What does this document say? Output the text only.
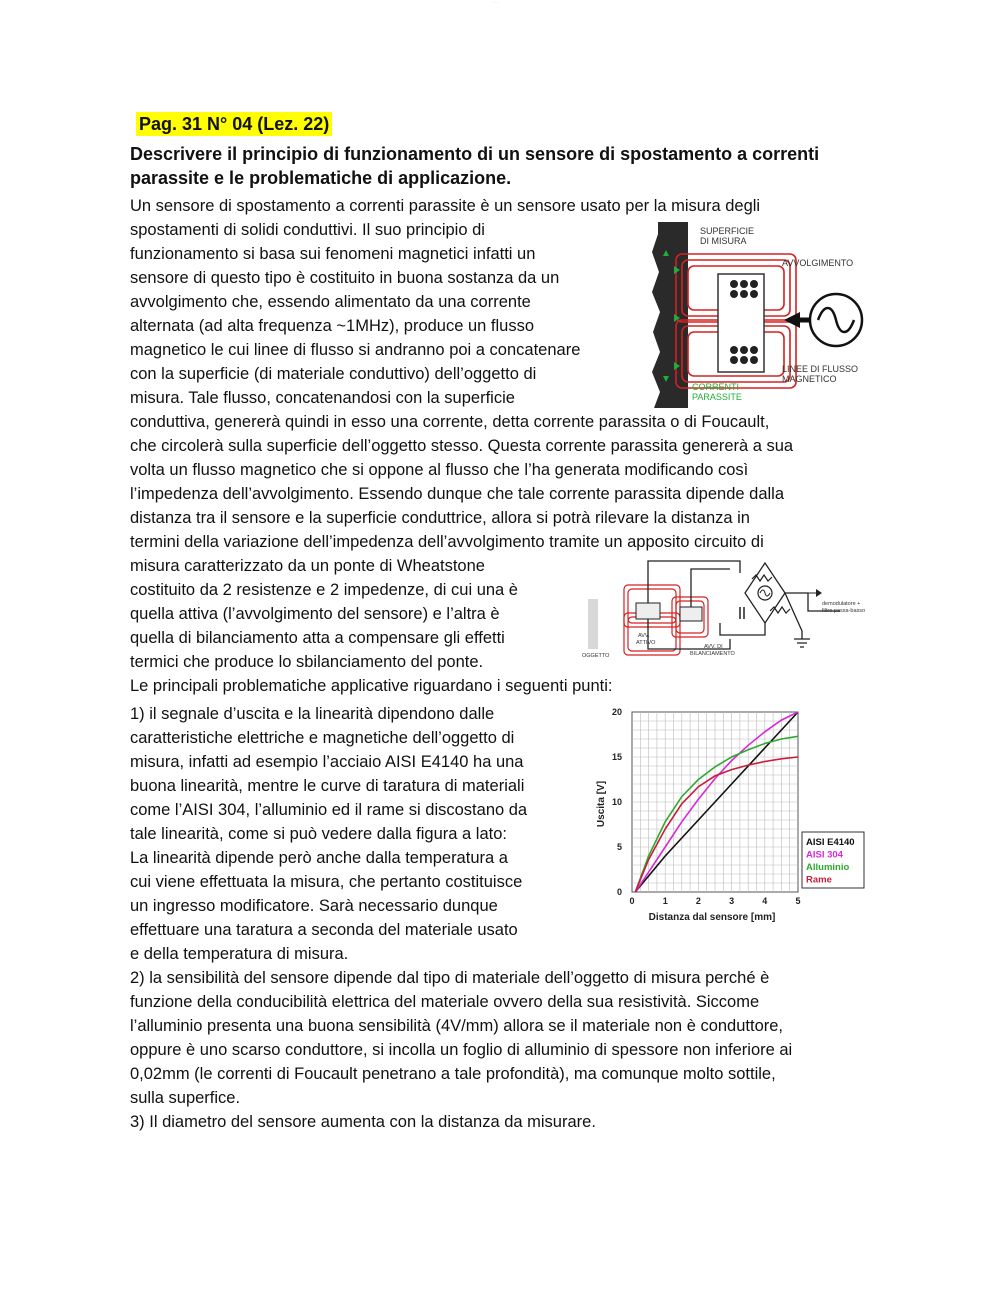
· · ·
Pag. 31 N° 04 (Lez. 22)
Descrivere il principio di funzionamento di un sensore di spostamento a correnti
parassite e le problematiche di applicazione.
Un sensore di spostamento a correnti parassite è un sensore usato per la misura degli
spostamenti di solidi conduttivi. Il suo principio di
funzionamento si basa sui fenomeni magnetici infatti un
sensore di questo tipo è costituito in buona sostanza da un
avvolgimento che, essendo alimentato da una corrente
alternata (ad alta frequenza ~1MHz), produce un flusso
magnetico le cui linee di flusso si andranno poi a concatenare
con la superficie (di materiale conduttivo) dell’oggetto di
misura. Tale flusso, concatenandosi con la superficie
conduttiva, genererà quindi in esso una corrente, detta corrente parassita o di Foucault,
che circolerà sulla superficie dell’oggetto stesso. Questa corrente parassita genererà a sua
volta un flusso magnetico che si oppone al flusso che l’ha generata modificando così
l’impedenza dell’avvolgimento. Essendo dunque che tale corrente parassita dipende dalla
distanza tra il sensore e la superficie conduttrice, allora si potrà rilevare la distanza in
termini della variazione dell’impedenza dell’avvolgimento tramite un apposito circuito di
misura caratterizzato da un ponte di Wheatstone
costituito da 2 resistenze e 2 impedenze, di cui una è
quella attiva (l’avvolgimento del sensore) e l’altra è
quella di bilanciamento atta a compensare gli effetti
termici che produce lo sbilanciamento del ponte.
Le principali problematiche applicative riguardano i seguenti punti:
1) il segnale d’uscita e la linearità dipendono dalle
caratteristiche elettriche e magnetiche dell’oggetto di
misura, infatti ad esempio l’acciaio AISI E4140 ha una
buona linearità, mentre le curve di taratura di materiali
come l’AISI 304, l’alluminio ed il rame si discostano da
tale linearità, come si può vedere dalla figura a lato:
La linearità dipende però anche dalla temperatura a
cui viene effettuata la misura, che pertanto costituisce
un ingresso modificatore. Sarà necessario dunque
effettuare una taratura a seconda del materiale usato
e della temperatura di misura.
2) la sensibilità del sensore dipende dal tipo di materiale dell’oggetto di misura perché è
funzione della conducibilità elettrica del materiale ovvero della sua resistività. Siccome
l’alluminio presenta una buona sensibilità (4V/mm) allora se il materiale non è conduttore,
oppure è uno scarso conduttore, si incolla un foglio di alluminio di spessore non inferiore ai
0,02mm (le correnti di Foucault penetrano a tale profondità), ma comunque molto sottile,
sulla superfice.
3) Il diametro del sensore aumenta con la distanza da misurare.
SUPERFICIE
DI MISURA
AVVOLGIMENTO
LINEE DI FLUSSO
MAGNETICO
CORRENTI
PARASSITE
OGGETTO
demodulatore +
filtro passa-basso
AVV.
ATTIVO
AVV. DI
BILANCIAMENTO
0	1	2	3	4	5
0
5
10
15
20
Distanza dal sensore [mm]
Uscita [V]
AISI E4140
AISI 304
Alluminio
Rame
